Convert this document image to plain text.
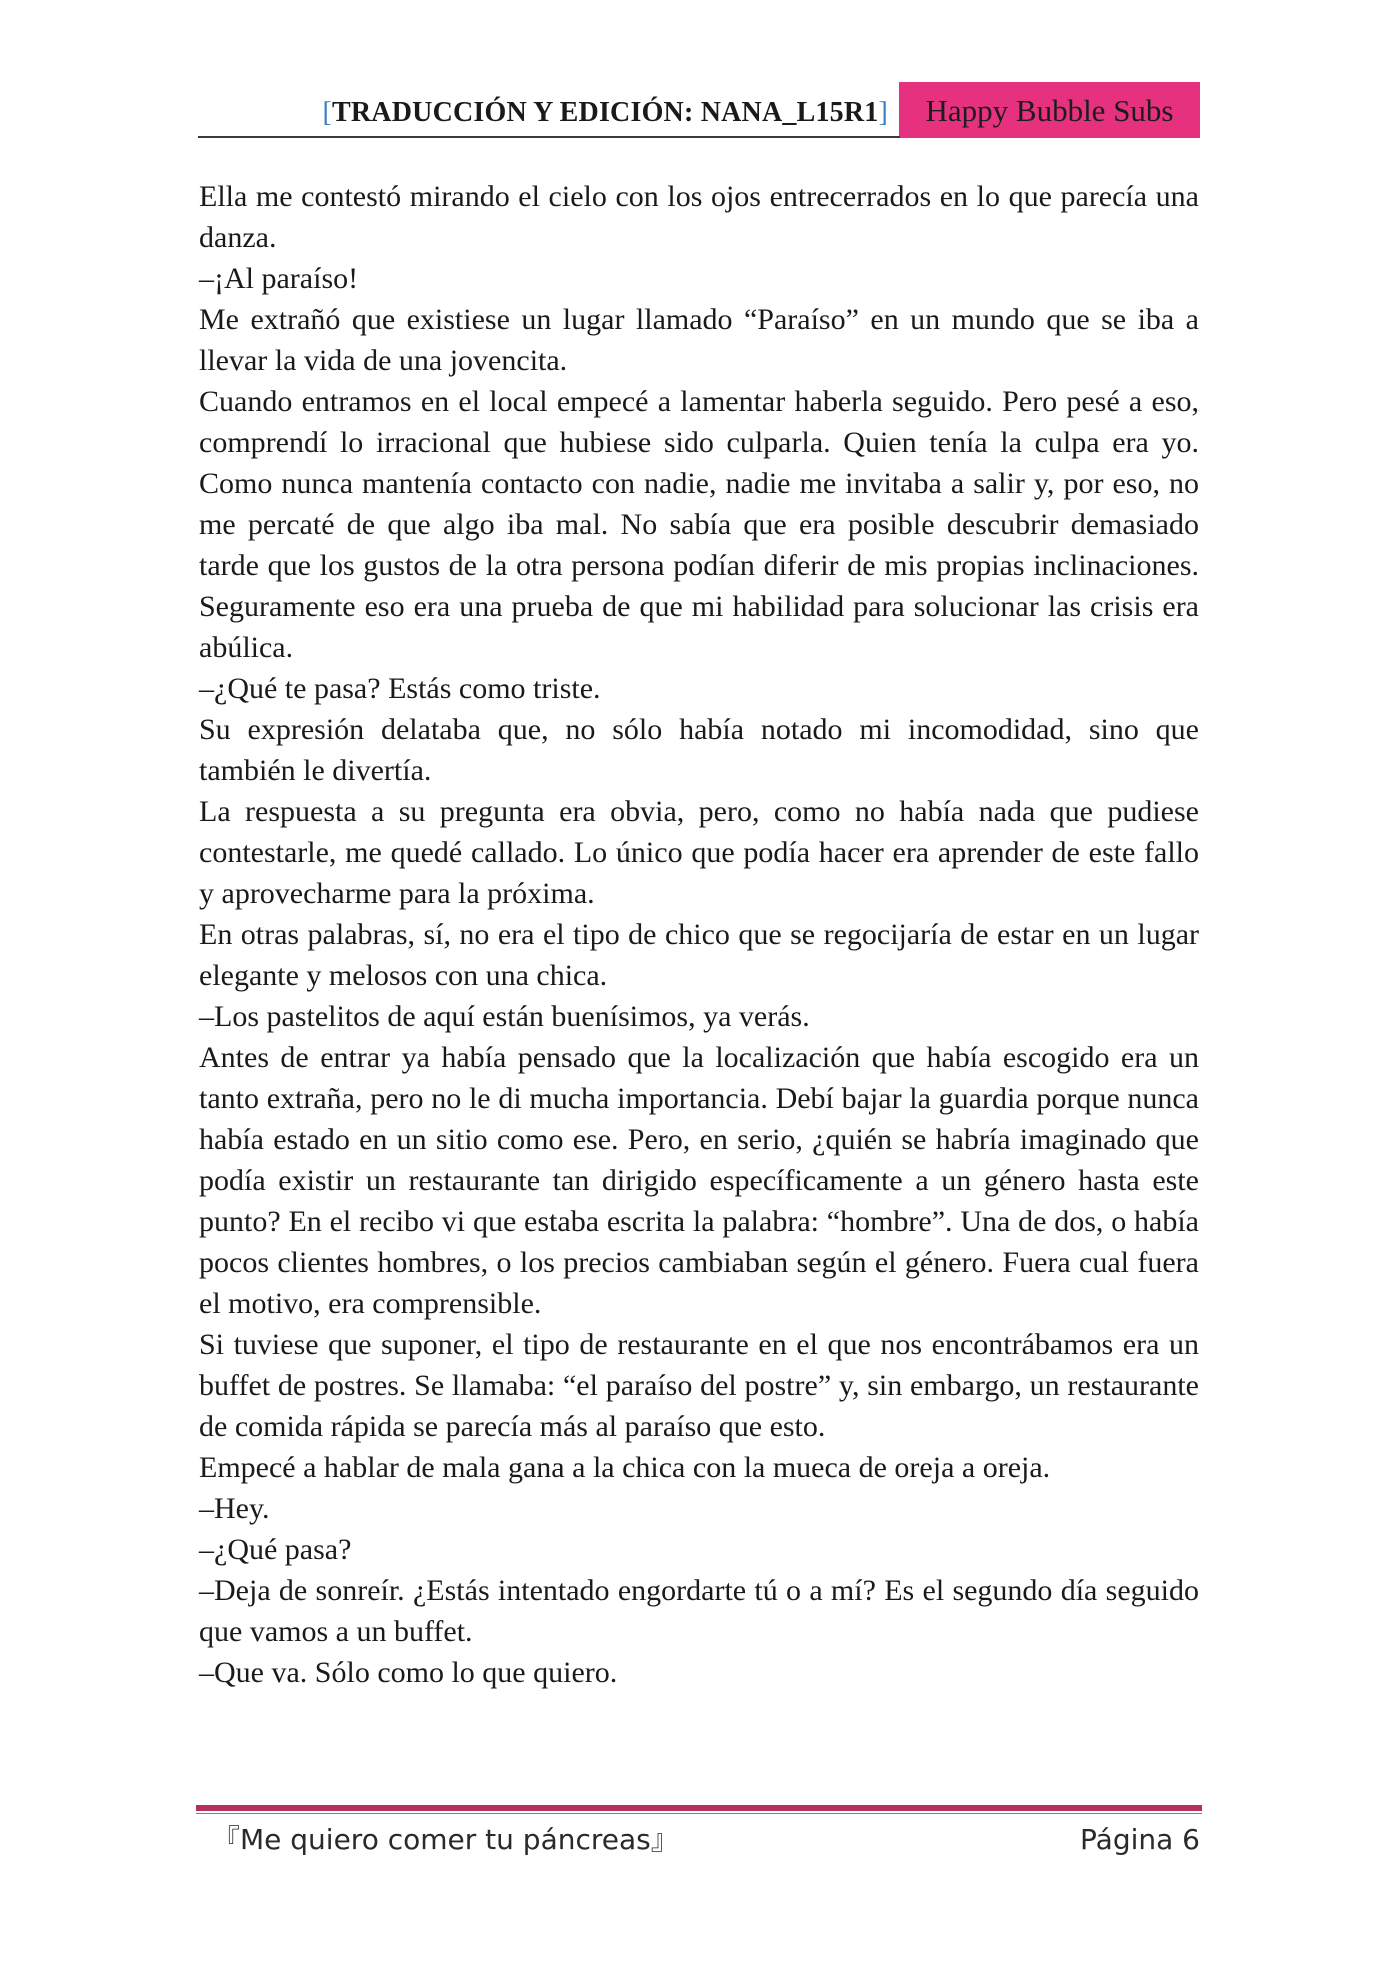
[TRADUCCIÓN Y EDICIÓN: NANA_L15R1]	Happy Bubble Subs

Ella me contestó mirando el cielo con los ojos entrecerrados en lo que parecía una danza.

–¡Al paraíso!

Me extrañó que existiese un lugar llamado “Paraíso” en un mundo que se iba a llevar la vida de una jovencita.

Cuando entramos en el local empecé a lamentar haberla seguido. Pero pesé a eso, comprendí lo irracional que hubiese sido culparla. Quien tenía la culpa era yo. Como nunca mantenía contacto con nadie, nadie me invitaba a salir y, por eso, no me percaté de que algo iba mal. No sabía que era posible descubrir demasiado tarde que los gustos de la otra persona podían diferir de mis propias inclinaciones. Seguramente eso era una prueba de que mi habilidad para solucionar las crisis era abúlica.

–¿Qué te pasa? Estás como triste.

Su expresión delataba que, no sólo había notado mi incomodidad, sino que también le divertía.

La respuesta a su pregunta era obvia, pero, como no había nada que pudiese contestarle, me quedé callado. Lo único que podía hacer era aprender de este fallo y aprovecharme para la próxima.

En otras palabras, sí, no era el tipo de chico que se regocijaría de estar en un lugar elegante y melosos con una chica.

–Los pastelitos de aquí están buenísimos, ya verás.

Antes de entrar ya había pensado que la localización que había escogido era un tanto extraña, pero no le di mucha importancia. Debí bajar la guardia porque nunca había estado en un sitio como ese. Pero, en serio, ¿quién se habría imaginado que podía existir un restaurante tan dirigido específicamente a un género hasta este punto? En el recibo vi que estaba escrita la palabra: “hombre”. Una de dos, o había pocos clientes hombres, o los precios cambiaban según el género. Fuera cual fuera el motivo, era comprensible.

Si tuviese que suponer, el tipo de restaurante en el que nos encontrábamos era un buffet de postres. Se llamaba: “el paraíso del postre” y, sin embargo, un restaurante de comida rápida se parecía más al paraíso que esto.

Empecé a hablar de mala gana a la chica con la mueca de oreja a oreja.

–Hey.

–¿Qué pasa?

–Deja de sonreír. ¿Estás intentado engordarte tú o a mí? Es el segundo día seguido que vamos a un buffet.

–Que va. Sólo como lo que quiero.

『Me quiero comer tu páncreas』	Página 6
